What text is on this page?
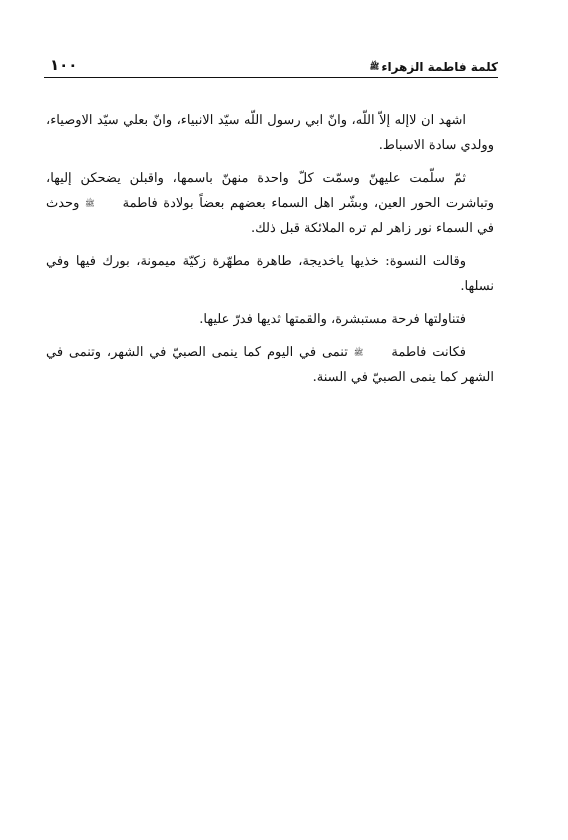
كلمة فاطمة الزهراء
ﷺ
١٠٠

اشهد ان لاإله إلاّ اللّه، وانّ ابي رسول اللّه سيّد الانبياء، وانّ بعلي سيّد الاوصياء، وولدي سادة الاسباط.

ثمّ سلّمت عليهنّ وسمّت كلّ واحدة منهنّ باسمها، واقبلن يضحكن إليها، وتباشرت الحور العين، وبشّر اهل السماء بعضهم بعضاً بولادة فاطمةﷺ وحدث في السماء نور زاهر لم تره الملائكة قبل ذلك.

وقالت النسوة: خذيها ياخديجة، طاهرة مطهّرة زكيّة ميمونة، بورك فيها وفي نسلها.

فتناولتها فرحة مستبشرة، والقمتها ثديها فدرّ عليها.

فكانت فاطمةﷺ تنمى في اليوم كما ينمى الصبيّ في الشهر، وتنمى في الشهر كما ينمى الصبيّ في السنة.
